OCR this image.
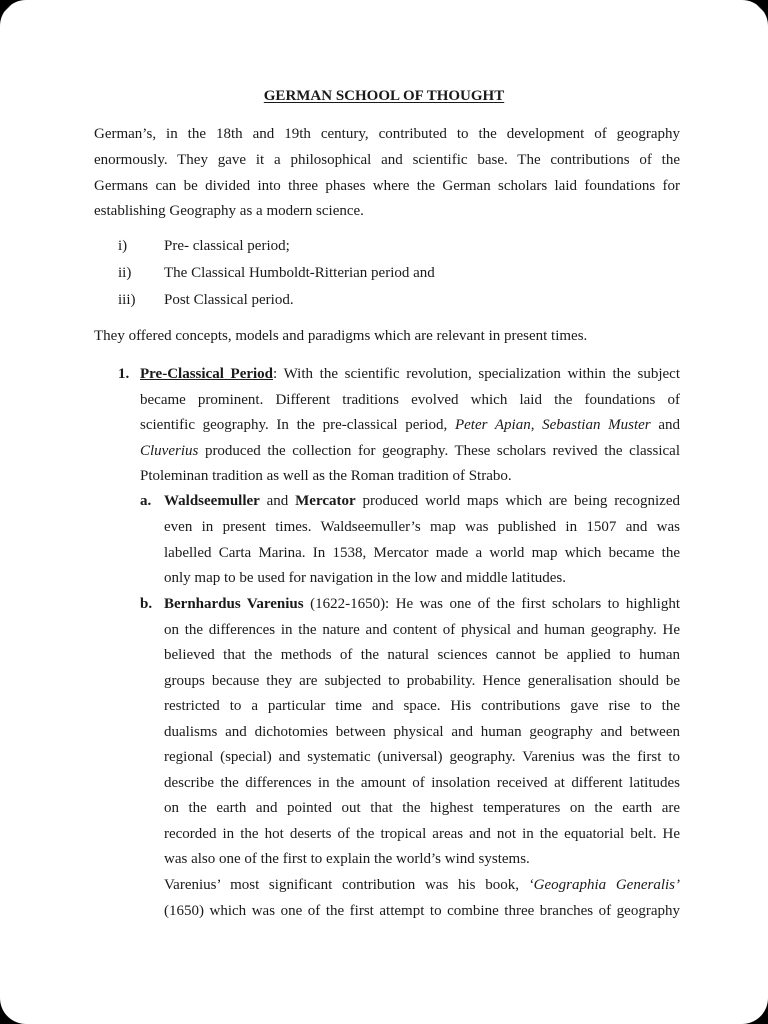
GERMAN SCHOOL OF THOUGHT
German’s, in the 18th and 19th century, contributed to the development of geography
enormously. They gave it a philosophical and scientific base. The contributions of the
Germans can be divided into three phases where the German scholars laid foundations for
establishing Geography as a modern science.
i) Pre- classical period;
ii) The Classical Humboldt-Ritterian period and
iii) Post Classical period.
They offered concepts, models and paradigms which are relevant in present times.
1. Pre-Classical Period: With the scientific revolution, specialization within the subject
became prominent. Different traditions evolved which laid the foundations of
scientific geography. In the pre-classical period, Peter Apian, Sebastian Muster and
Cluverius produced the collection for geography. These scholars revived the classical
Ptoleminan tradition as well as the Roman tradition of Strabo.
a. Waldseemuller and Mercator produced world maps which are being recognized
even in present times. Waldseemuller’s map was published in 1507 and was
labelled Carta Marina. In 1538, Mercator made a world map which became the
only map to be used for navigation in the low and middle latitudes.
b. Bernhardus Varenius (1622-1650): He was one of the first scholars to highlight
on the differences in the nature and content of physical and human geography. He
believed that the methods of the natural sciences cannot be applied to human
groups because they are subjected to probability. Hence generalisation should be
restricted to a particular time and space. His contributions gave rise to the
dualisms and dichotomies between physical and human geography and between
regional (special) and systematic (universal) geography. Varenius was the first to
describe the differences in the amount of insolation received at different latitudes
on the earth and pointed out that the highest temperatures on the earth are
recorded in the hot deserts of the tropical areas and not in the equatorial belt. He
was also one of the first to explain the world’s wind systems.
Varenius’ most significant contribution was his book, ‘Geographia Generalis’
(1650) which was one of the first attempt to combine three branches of geography
